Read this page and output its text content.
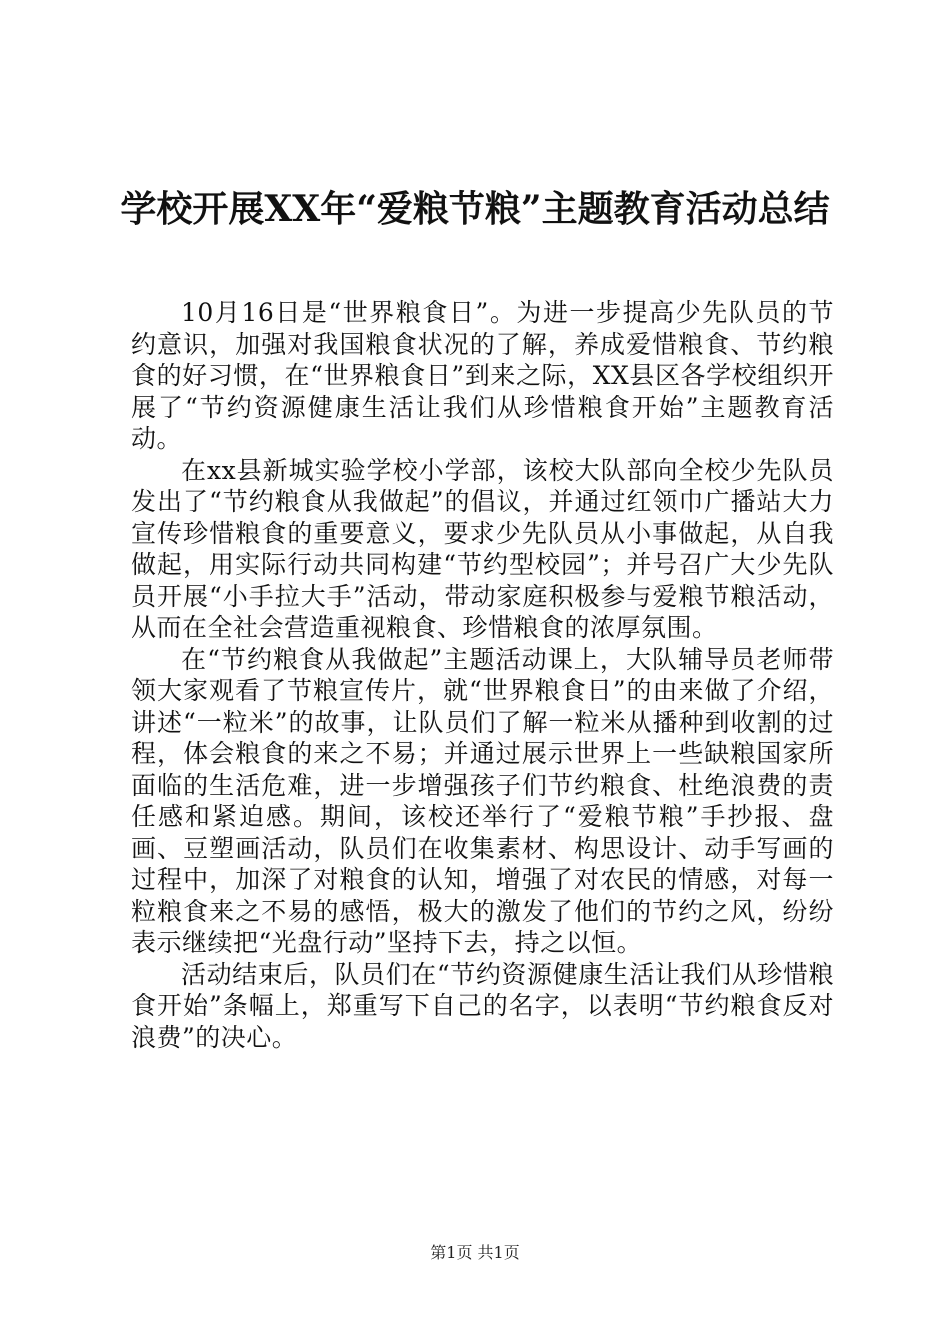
学校开展XX年“爱粮节粮”主题教育活动总结

10月16日是“世界粮食日”。为进一步提高少先队员的节约意识，加强对我国粮食状况的了解，养成爱惜粮食、节约粮食的好习惯，在“世界粮食日”到来之际，XX县区各学校组织开展了“节约资源健康生活让我们从珍惜粮食开始”主题教育活动。

在xx县新城实验学校小学部，该校大队部向全校少先队员发出了“节约粮食从我做起”的倡议，并通过红领巾广播站大力宣传珍惜粮食的重要意义，要求少先队员从小事做起，从自我做起，用实际行动共同构建“节约型校园”；并号召广大少先队员开展“小手拉大手”活动，带动家庭积极参与爱粮节粮活动，从而在全社会营造重视粮食、珍惜粮食的浓厚氛围。

在“节约粮食从我做起”主题活动课上，大队辅导员老师带领大家观看了节粮宣传片，就“世界粮食日”的由来做了介绍，讲述“一粒米”的故事，让队员们了解一粒米从播种到收割的过程，体会粮食的来之不易；并通过展示世界上一些缺粮国家所面临的生活危难，进一步增强孩子们节约粮食、杜绝浪费的责任感和紧迫感。期间，该校还举行了“爱粮节粮”手抄报、盘画、豆塑画活动，队员们在收集素材、构思设计、动手写画的过程中，加深了对粮食的认知，增强了对农民的情感，对每一粒粮食来之不易的感悟，极大的激发了他们的节约之风，纷纷表示继续把“光盘行动”坚持下去，持之以恒。

活动结束后，队员们在“节约资源健康生活让我们从珍惜粮食开始”条幅上，郑重写下自己的名字，以表明“节约粮食反对浪费”的决心。

第1页 共1页
